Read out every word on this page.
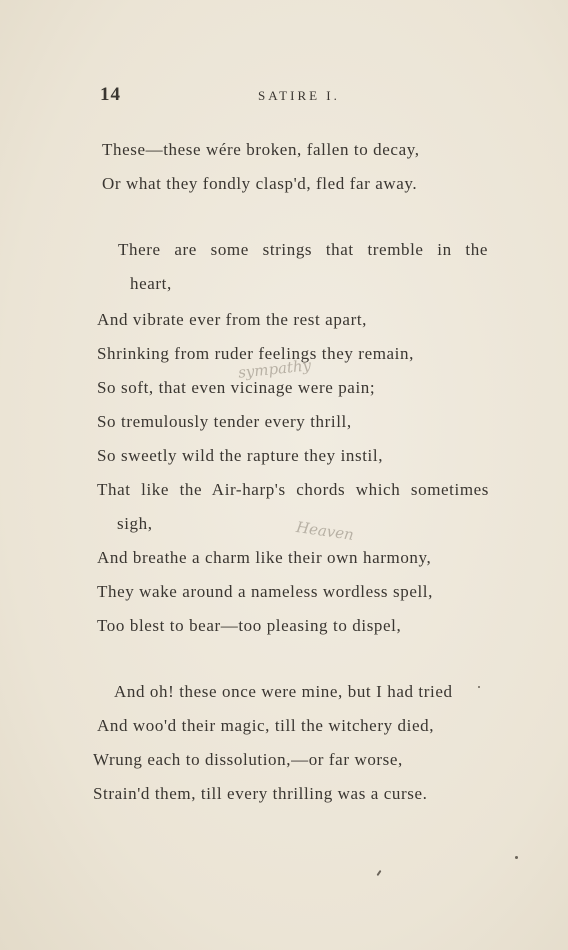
14	SATIRE I.
These—these wére broken, fallen to decay,
Or what they fondly clasp'd, fled far away.
There are some strings that tremble in the
heart,
And vibrate ever from the rest apart,
Shrinking from ruder feelings they remain,
sympathy
So soft, that even vicinage were pain;
So tremulously tender every thrill,
So sweetly wild the rapture they instil,
That like the Air-harp's chords which sometimes
sigh,	Heaven
And breathe a charm like their own harmony,
They wake around a nameless wordless spell,
Too blest to bear—too pleasing to dispel,
And oh! these once were mine, but I had tried
And woo'd their magic, till the witchery died,
Wrung each to dissolution,—or far worse,
Strain'd them, till every thrilling was a curse.
